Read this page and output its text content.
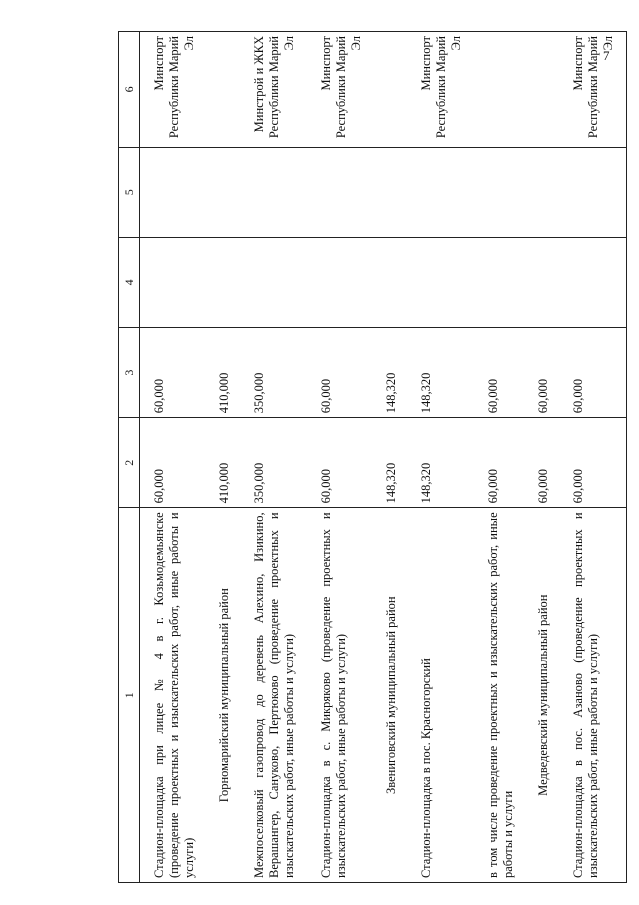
7
1	2	3	4	5	6
Стадион-площадка при лицее № 4 в г. Козьмодемьянске (проведение проектных и изыскательских работ, иные работы и услуги)	60,000	60,000			Минспорт Республики Марий Эл
Горномарийский муниципальный район	410,000	410,000			
Межпоселковый газопровод до деревень Алехино, Изикино, Верашангер, Сануково, Пертюково (проведение проектных и изыскательских работ, иные работы и услуги)	350,000	350,000			Минстрой и ЖКХ Республики Марий Эл
Стадион-площадка в с. Микряково (проведение проектных и изыскательских работ, иные работы и услуги)	60,000	60,000			Минспорт Республики Марий Эл
Звениговский муниципальный район	148,320	148,320			
Стадион-площадка в пос. Красногорский	148,320	148,320			Минспорт Республики Марий Эл
в том числе проведение проектных и изыскательских работ, иные работы и услуги	60,000	60,000			
Медведевский муниципальный район	60,000	60,000			
Стадион-площадка в пос. Азаново (проведение проектных и изыскательских работ, иные работы и услуги)	60,000	60,000			Минспорт Республики Марий Эл
